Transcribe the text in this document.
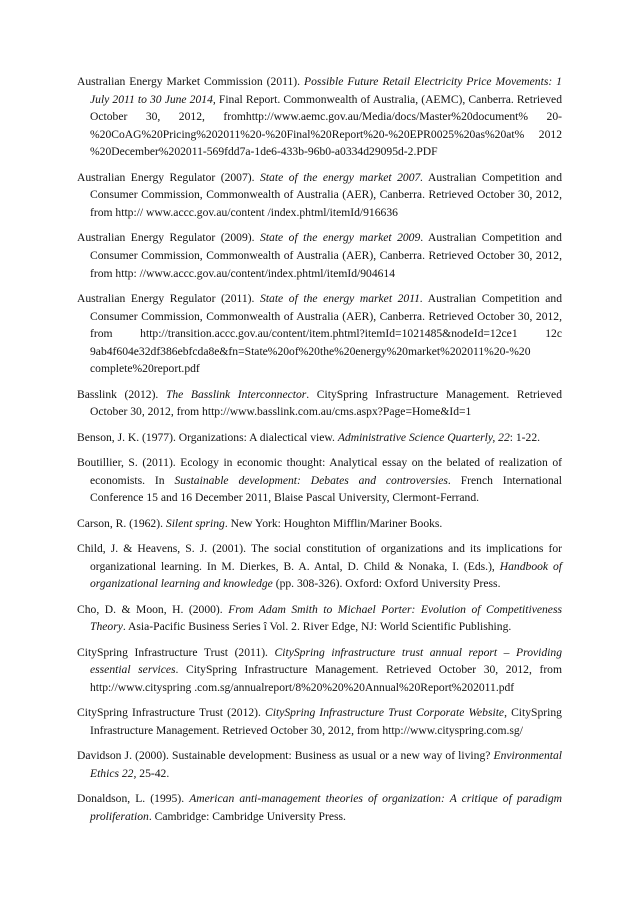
Australian Energy Market Commission (2011). Possible Future Retail Electricity Price Movements: 1 July 2011 to 30 June 2014, Final Report. Commonwealth of Australia, (AEMC), Canberra. Retrieved October 30, 2012, fromhttp://www.aemc.gov.au/Media/docs/Master%20document% 20-%20CoAG%20Pricing%202011%20-%20Final%20Report%20-%20EPR0025%20as%20at% 2012 %20December%202011-569fdd7a-1de6-433b-96b0-a0334d29095d-2.PDF

Australian Energy Regulator (2007). State of the energy market 2007. Australian Competition and Consumer Commission, Commonwealth of Australia (AER), Canberra. Retrieved October 30, 2012, from http:// www.accc.gov.au/content /index.phtml/itemId/916636

Australian Energy Regulator (2009). State of the energy market 2009. Australian Competition and Consumer Commission, Commonwealth of Australia (AER), Canberra. Retrieved October 30, 2012, from http: //www.accc.gov.au/content/index.phtml/itemId/904614

Australian Energy Regulator (2011). State of the energy market 2011. Australian Competition and Consumer Commission, Commonwealth of Australia (AER), Canberra. Retrieved October 30, 2012, from http://transition.accc.gov.au/content/item.phtml?itemId=1021485&nodeId=12ce1 12c 9ab4f604e32df386ebfcda8e&fn=State%20of%20the%20energy%20market%202011%20-%20 complete%20report.pdf

Basslink (2012). The Basslink Interconnector. CitySpring Infrastructure Management. Retrieved October 30, 2012, from http://www.basslink.com.au/cms.aspx?Page=Home&Id=1

Benson, J. K. (1977). Organizations: A dialectical view. Administrative Science Quarterly, 22: 1-22.

Boutillier, S. (2011). Ecology in economic thought: Analytical essay on the belated of realization of economists. In Sustainable development: Debates and controversies. French International Conference 15 and 16 December 2011, Blaise Pascal University, Clermont-Ferrand.

Carson, R. (1962). Silent spring. New York: Houghton Mifflin/Mariner Books.

Child, J. & Heavens, S. J. (2001). The social constitution of organizations and its implications for organizational learning. In M. Dierkes, B. A. Antal, D. Child & Nonaka, I. (Eds.), Handbook of organizational learning and knowledge (pp. 308-326). Oxford: Oxford University Press.

Cho, D. & Moon, H. (2000). From Adam Smith to Michael Porter: Evolution of Competitiveness Theory. Asia-Pacific Business Series î Vol. 2. River Edge, NJ: World Scientific Publishing.

CitySpring Infrastructure Trust (2011). CitySpring infrastructure trust annual report – Providing essential services. CitySpring Infrastructure Management. Retrieved October 30, 2012, from http://www.cityspring .com.sg/annualreport/8%20%20%20Annual%20Report%202011.pdf

CitySpring Infrastructure Trust (2012). CitySpring Infrastructure Trust Corporate Website, CitySpring Infrastructure Management. Retrieved October 30, 2012, from http://www.cityspring.com.sg/

Davidson J. (2000). Sustainable development: Business as usual or a new way of living? Environmental Ethics 22, 25-42.

Donaldson, L. (1995). American anti-management theories of organization: A critique of paradigm proliferation. Cambridge: Cambridge University Press.
